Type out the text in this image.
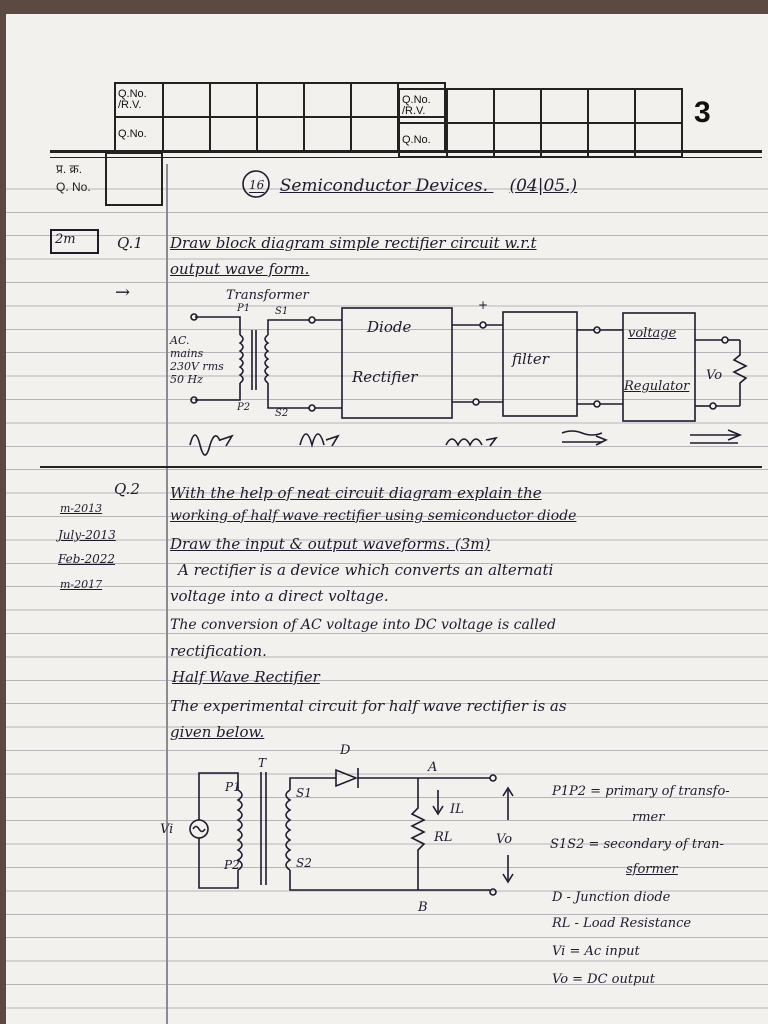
Q.No. /R.V.						
Q.No.						
Q.No. /R.V.					
Q.No.					
3
प्र. क्र.
Q. No.	16 Semiconductor Devices. (04|05.)
2m	Q.1 Draw block diagram simple rectifier circuit w.r.t
output wave form.
→	Transformer
AC.
mains
230V rms
50 Hz
P1
P2
S1
S2
Diode
Rectifier
filter
voltage
Regulator
Vo
+
Q.2
m-2013
July-2013
Feb-2022
m-2017
With the help of neat circuit diagram explain the
working of half wave rectifier using semiconductor diode
Draw the input & output waveforms. (3m)
A rectifier is a device which converts an alternati
voltage into a direct voltage.
The conversion of AC voltage into DC voltage is called
rectification.
Half Wave Rectifier
The experimental circuit for half wave rectifier is as
given below.
D
T	A
B
P1
P2
S1
S2
IL
RL	Vo
Vi
P1P2 = primary of transfo-
rmer
S1S2 = secondary of tran-
sformer
D - Junction diode
RL - Load Resistance
Vi = Ac input
Vo = DC output
